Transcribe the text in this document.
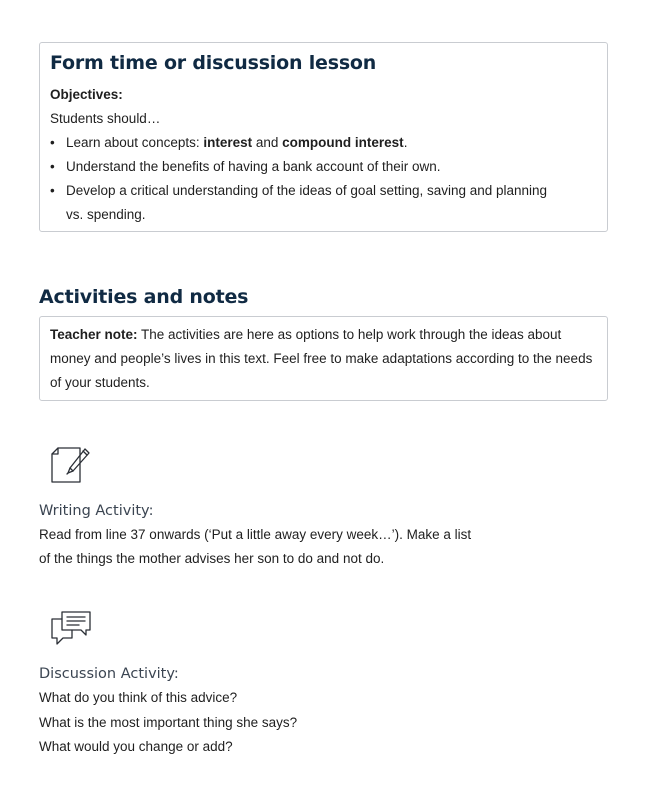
Form time or discussion lesson
Objectives:
Students should…
• Learn about concepts: interest and compound interest.
• Understand the benefits of having a bank account of their own.
• Develop a critical understanding of the ideas of goal setting, saving and planning vs. spending.
Activities and notes
Teacher note: The activities are here as options to help work through the ideas about money and people’s lives in this text. Feel free to make adaptations according to the needs of your students.
Writing Activity:
Read from line 37 onwards (‘Put a little away every week…’). Make a list of the things the mother advises her son to do and not do.
Discussion Activity:
What do you think of this advice?
What is the most important thing she says?
What would you change or add?
